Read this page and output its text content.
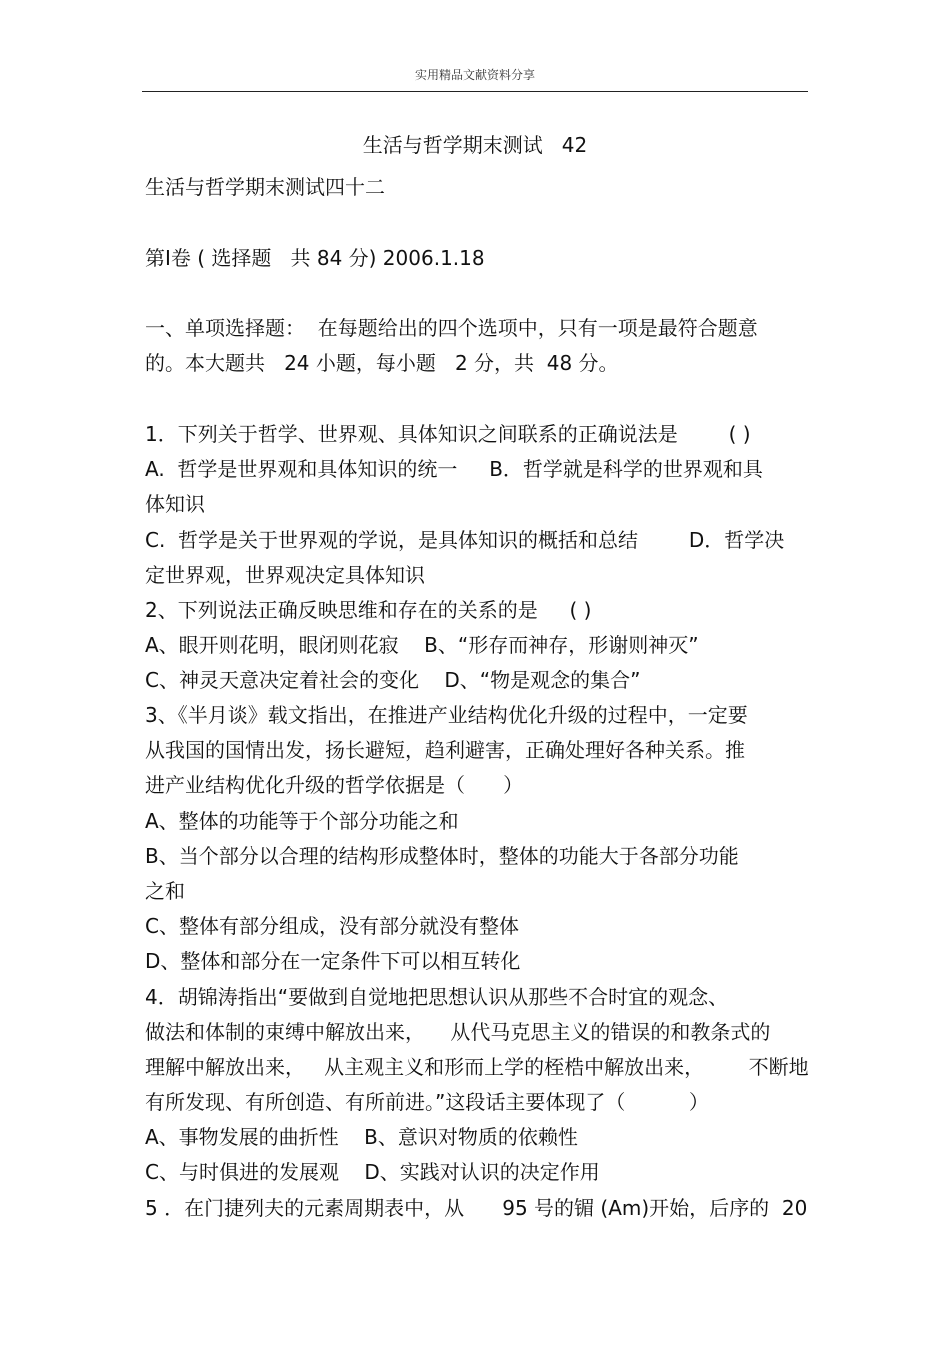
实用精品文献资料分享
生活与哲学期末测试   42
生活与哲学期末测试四十二
第Ⅰ卷 ( 选择题   共 84 分) 2006.1.18
一、单项选择题：  在每题给出的四个选项中，只有一项是最符合题意
的。本大题共   24 小题，每小题   2 分，共  48 分。
1．下列关于哲学、世界观、具体知识之间联系的正确说法是        ( )
A.  哲学是世界观和具体知识的统一     B．哲学就是科学的世界观和具
体知识
C.  哲学是关于世界观的学说，是具体知识的概括和总结        D．哲学决
定世界观，世界观决定具体知识
2、下列说法正确反映思维和存在的关系的是     ( )
A、眼开则花明，眼闭则花寂    B、“形存而神存，形谢则神灭”
C、神灵天意决定着社会的变化    D、“物是观念的集合”
3、《半月谈》载文指出，在推进产业结构优化升级的过程中，一定要
从我国的国情出发，扬长避短，趋利避害，正确处理好各种关系。推
进产业结构优化升级的哲学依据是（      ）
A、整体的功能等于个部分功能之和
B、当个部分以合理的结构形成整体时，整体的功能大于各部分功能
之和
C、整体有部分组成，没有部分就没有整体
D、整体和部分在一定条件下可以相互转化
4．胡锦涛指出“要做到自觉地把思想认识从那些不合时宜的观念、
做法和体制的束缚中解放出来，    从代马克思主义的错误的和教条式的
理解中解放出来，   从主观主义和形而上学的桎梏中解放出来，       不断地
有所发现、有所创造、有所前进。”这段话主要体现了（          ）
A、事物发展的曲折性    B、意识对物质的依赖性
C、与时俱进的发展观    D、实践对认识的决定作用
5 ．在门捷列夫的元素周期表中，从      95 号的镅 (Am)开始，后序的  20
